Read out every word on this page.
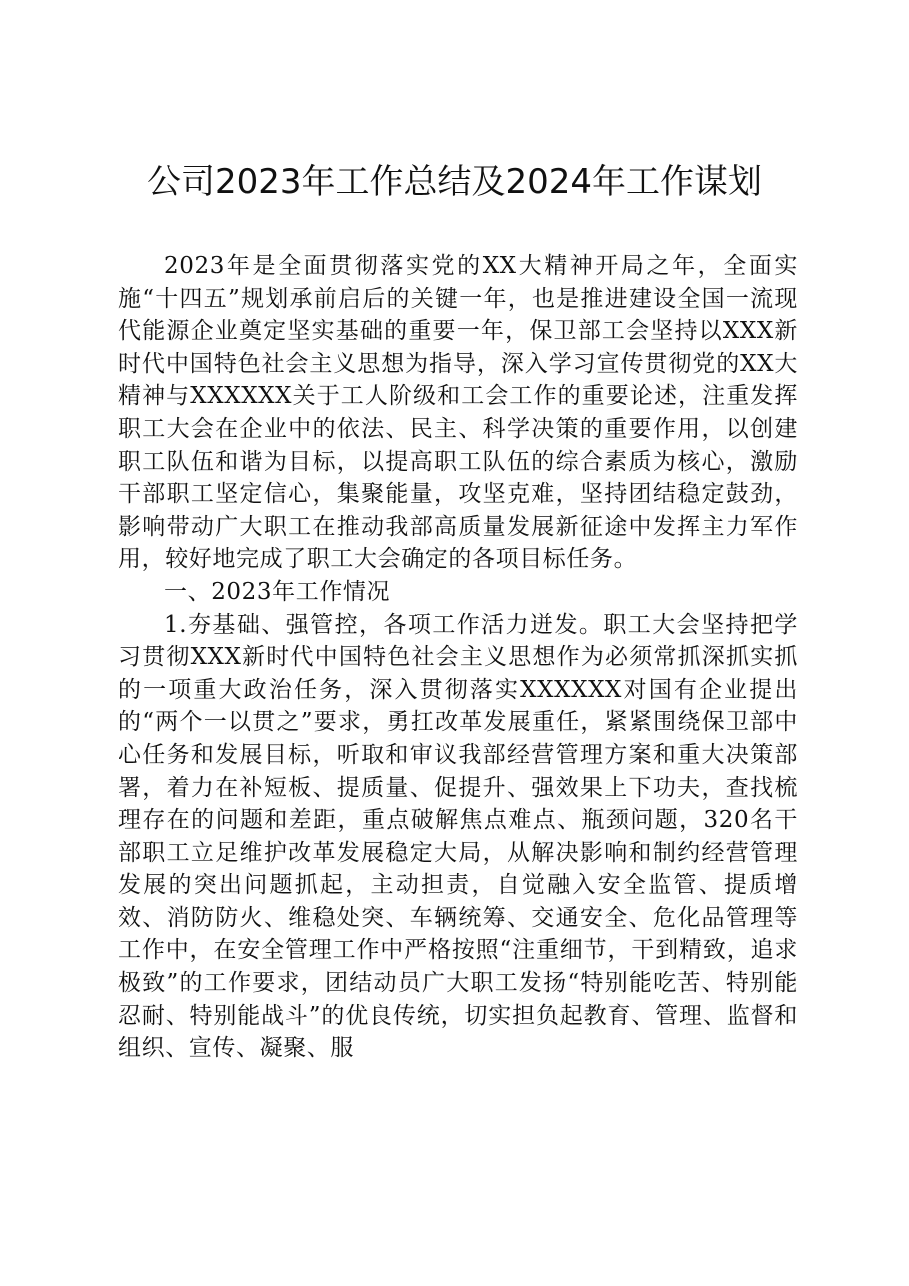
公司2023年工作总结及2024年工作谋划

2023年是全面贯彻落实党的XX大精神开局之年，全面实施“十四五”规划承前启后的关键一年，也是推进建设全国一流现代能源企业奠定坚实基础的重要一年，保卫部工会坚持以XXX新时代中国特色社会主义思想为指导，深入学习宣传贯彻党的XX大精神与XXXXXX关于工人阶级和工会工作的重要论述，注重发挥职工大会在企业中的依法、民主、科学决策的重要作用，以创建职工队伍和谐为目标，以提高职工队伍的综合素质为核心，激励干部职工坚定信心，集聚能量，攻坚克难，坚持团结稳定鼓劲，影响带动广大职工在推动我部高质量发展新征途中发挥主力军作用，较好地完成了职工大会确定的各项目标任务。

一、2023年工作情况

1.夯基础、强管控，各项工作活力迸发。职工大会坚持把学习贯彻XXX新时代中国特色社会主义思想作为必须常抓深抓实抓的一项重大政治任务，深入贯彻落实XXXXXX对国有企业提出的“两个一以贯之”要求，勇扛改革发展重任，紧紧围绕保卫部中心任务和发展目标，听取和审议我部经营管理方案和重大决策部署，着力在补短板、提质量、促提升、强效果上下功夫，查找梳理存在的问题和差距，重点破解焦点难点、瓶颈问题，320名干部职工立足维护改革发展稳定大局，从解决影响和制约经营管理发展的突出问题抓起，主动担责，自觉融入安全监管、提质增效、消防防火、维稳处突、车辆统筹、交通安全、危化品管理等工作中，在安全管理工作中严格按照“注重细节，干到精致，追求极致”的工作要求，团结动员广大职工发扬“特别能吃苦、特别能忍耐、特别能战斗”的优良传统，切实担负起教育、管理、监督和组织、宣传、凝聚、服
